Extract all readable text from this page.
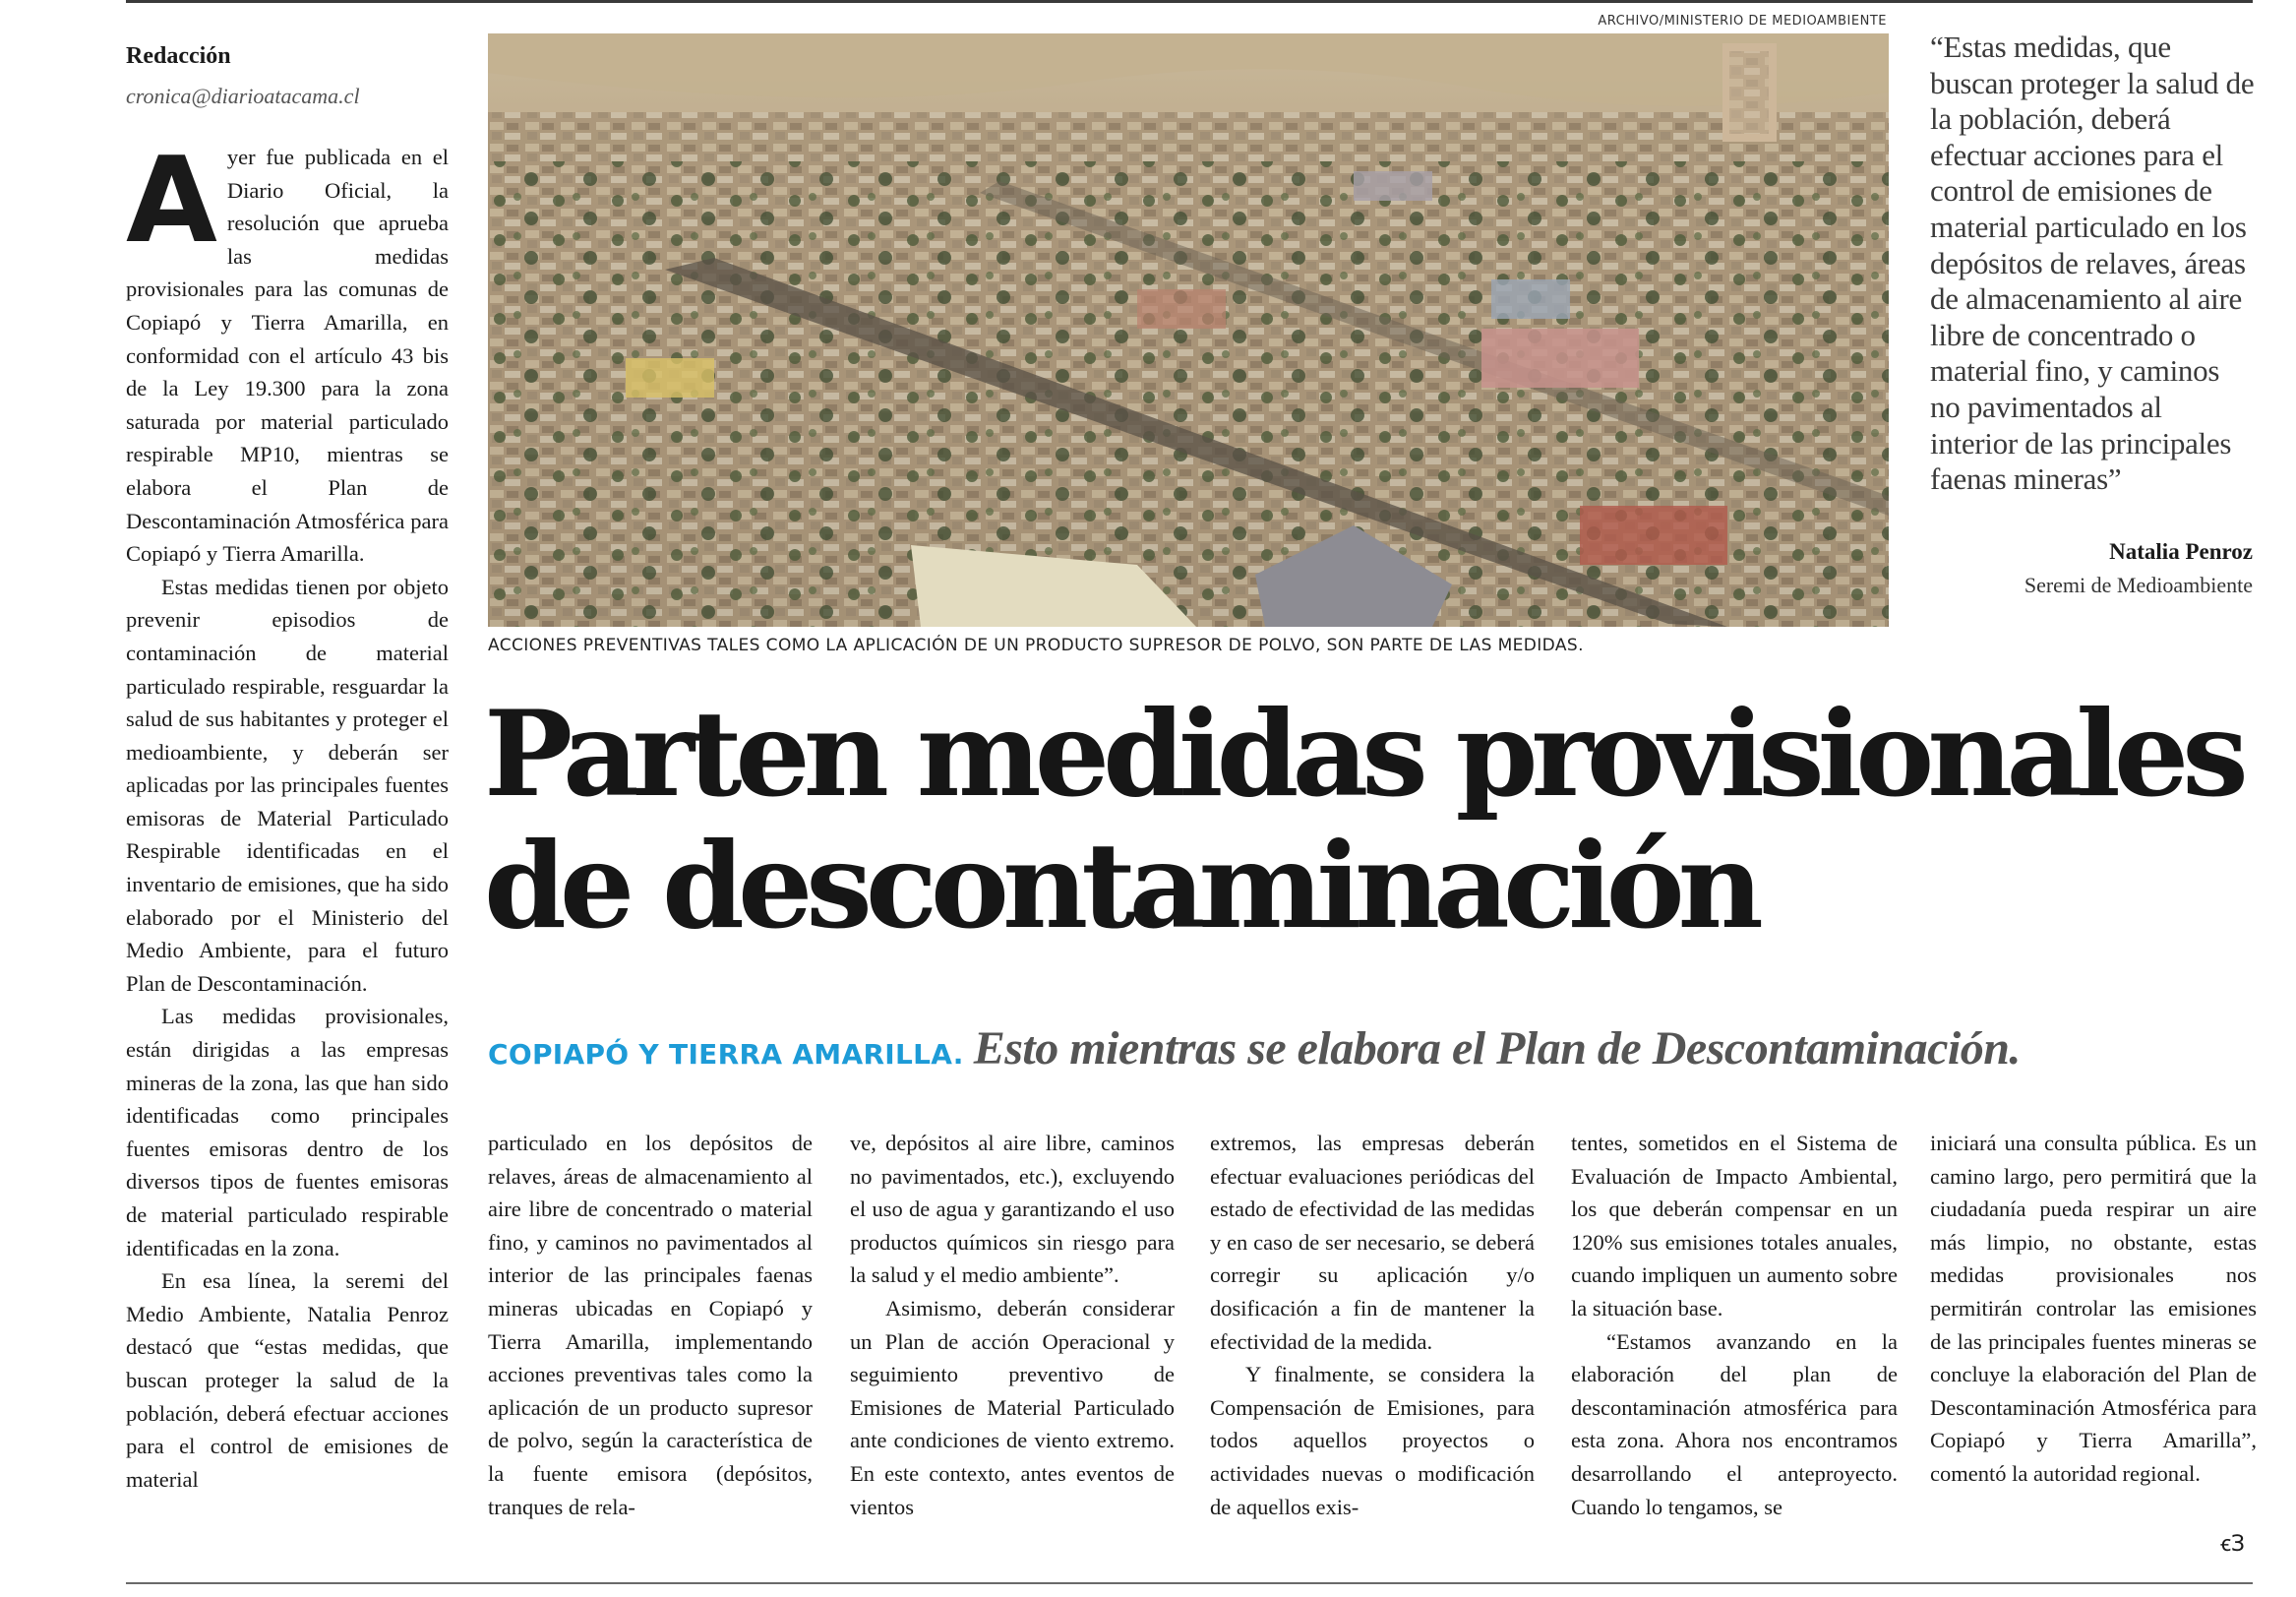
Redacción
cronica@diarioatacama.cl

Ayer fue publicada en el Diario Oficial, la resolución que aprueba las medidas provisionales para las comunas de Copiapó y Tierra Amarilla, en conformidad con el artículo 43 bis de la Ley 19.300 para la zona saturada por material particulado respirable MP10, mientras se elabora el Plan de Descontaminación Atmosférica para Copiapó y Tierra Amarilla.

Estas medidas tienen por objeto prevenir episodios de contaminación de material particulado respirable, resguardar la salud de sus habitantes y proteger el medioambiente, y deberán ser aplicadas por las principales fuentes emisoras de Material Particulado Respirable identificadas en el inventario de emisiones, que ha sido elaborado por el Ministerio del Medio Ambiente, para el futuro Plan de Descontaminación.

Las medidas provisionales, están dirigidas a las empresas mineras de la zona, las que han sido identificadas como principales fuentes emisoras dentro de los diversos tipos de fuentes emisoras de material particulado respirable identificadas en la zona.

En esa línea, la seremi del Medio Ambiente, Natalia Penroz destacó que “estas medidas, que buscan proteger la salud de la población, deberá efectuar acciones para el control de emisiones de material

ARCHIVO/MINISTERIO DE MEDIOAMBIENTE
ACCIONES PREVENTIVAS TALES COMO LA APLICACIÓN DE UN PRODUCTO SUPRESOR DE POLVO, SON PARTE DE LAS MEDIDAS.
“Estas medidas, que buscan proteger la salud de la población, deberá efectuar acciones para el control de emisiones de material particulado en los depósitos de relaves, áreas de almacenamiento al aire libre de concentrado o material fino, y caminos no pavimentados al interior de las principales faenas mineras”
Natalia Penroz
Seremi de Medioambiente
Parten medidas provisionales
de descontaminación
COPIAPÓ Y TIERRA AMARILLA. Esto mientras se elabora el Plan de Descontaminación.

particulado en los depósitos de relaves, áreas de almacenamiento al aire libre de concentrado o material fino, y caminos no pavimentados al interior de las principales faenas mineras ubicadas en Copiapó y Tierra Amarilla, implementando acciones preventivas tales como la aplicación de un producto supresor de polvo, según la característica de la fuente emisora (depósitos, tranques de rela-

ve, depósitos al aire libre, caminos no pavimentados, etc.), excluyendo el uso de agua y garantizando el uso productos químicos sin riesgo para la salud y el medio ambiente”.

Asimismo, deberán considerar un Plan de acción Operacional y seguimiento preventivo de Emisiones de Material Particulado ante condiciones de viento extremo. En este contexto, antes eventos de vientos

extremos, las empresas deberán efectuar evaluaciones periódicas del estado de efectividad de las medidas y en caso de ser necesario, se deberá corregir su aplicación y/o dosificación a fin de mantener la efectividad de la medida.

Y finalmente, se considera la Compensación de Emisiones, para todos aquellos proyectos o actividades nuevas o modificación de aquellos exis-

tentes, sometidos en el Sistema de Evaluación de Impacto Ambiental, los que deberán compensar en un 120% sus emisiones totales anuales, cuando impliquen un aumento sobre la situación base.

“Estamos avanzando en la elaboración del plan de descontaminación atmosférica para esta zona. Ahora nos encontramos desarrollando el anteproyecto. Cuando lo tengamos, se

iniciará una consulta pública. Es un camino largo, pero permitirá que la ciudadanía pueda respirar un aire más limpio, no obstante, estas medidas provisionales nos permitirán controlar las emisiones de las principales fuentes mineras se concluye la elaboración del Plan de Descontaminación Atmosférica para Copiapó y Tierra Amarilla”, comentó la autoridad regional.

ꞓЗ
